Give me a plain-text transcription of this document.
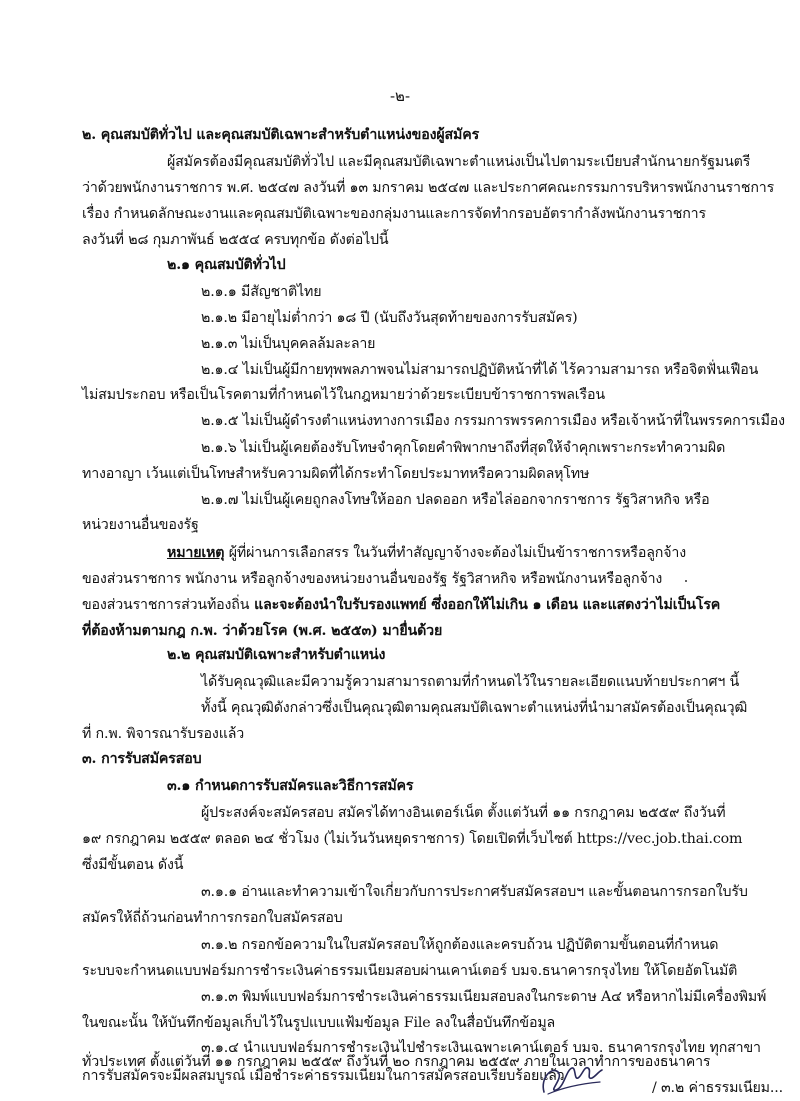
-๒-
๒. คุณสมบัติทั่วไป และคุณสมบัติเฉพาะสำหรับตำแหน่งของผู้สมัคร
ผู้สมัครต้องมีคุณสมบัติทั่วไป และมีคุณสมบัติเฉพาะตำแหน่งเป็นไปตามระเบียบสำนักนายกรัฐมนตรี
ว่าด้วยพนักงานราชการ พ.ศ. ๒๕๔๗ ลงวันที่ ๑๓ มกราคม ๒๕๔๗ และประกาศคณะกรรมการบริหารพนักงานราชการ
เรื่อง กำหนดลักษณะงานและคุณสมบัติเฉพาะของกลุ่มงานและการจัดทำกรอบอัตรากำลังพนักงานราชการ
ลงวันที่ ๒๘ กุมภาพันธ์ ๒๕๕๔ ครบทุกข้อ ดังต่อไปนี้
๒.๑ คุณสมบัติทั่วไป
๒.๑.๑ มีสัญชาติไทย
๒.๑.๒ มีอายุไม่ต่ำกว่า ๑๘ ปี (นับถึงวันสุดท้ายของการรับสมัคร)
๒.๑.๓ ไม่เป็นบุคคลล้มละลาย
๒.๑.๔ ไม่เป็นผู้มีกายทุพพลภาพจนไม่สามารถปฏิบัติหน้าที่ได้ ไร้ความสามารถ หรือจิตฟั่นเฟือน
ไม่สมประกอบ หรือเป็นโรคตามที่กำหนดไว้ในกฎหมายว่าด้วยระเบียบข้าราชการพลเรือน
๒.๑.๕ ไม่เป็นผู้ดำรงตำแหน่งทางการเมือง กรรมการพรรคการเมือง หรือเจ้าหน้าที่ในพรรคการเมือง
๒.๑.๖ ไม่เป็นผู้เคยต้องรับโทษจำคุกโดยคำพิพากษาถึงที่สุดให้จำคุกเพราะกระทำความผิด
ทางอาญา เว้นแต่เป็นโทษสำหรับความผิดที่ได้กระทำโดยประมาทหรือความผิดลหุโทษ
๒.๑.๗ ไม่เป็นผู้เคยถูกลงโทษให้ออก ปลดออก หรือไล่ออกจากราชการ รัฐวิสาหกิจ หรือ
หน่วยงานอื่นของรัฐ
หมายเหตุ ผู้ที่ผ่านการเลือกสรร ในวันที่ทำสัญญาจ้างจะต้องไม่เป็นข้าราชการหรือลูกจ้าง
ของส่วนราชการ พนักงาน หรือลูกจ้างของหน่วยงานอื่นของรัฐ รัฐวิสาหกิจ หรือพนักงานหรือลูกจ้าง
ของส่วนราชการส่วนท้องถิ่น และจะต้องนำใบรับรองแพทย์ ซึ่งออกให้ไม่เกิน ๑ เดือน และแสดงว่าไม่เป็นโรค
ที่ต้องห้ามตามกฎ ก.พ. ว่าด้วยโรค (พ.ศ. ๒๕๕๓) มายื่นด้วย
๒.๒ คุณสมบัติเฉพาะสำหรับตำแหน่ง
ได้รับคุณวุฒิและมีความรู้ความสามารถตามที่กำหนดไว้ในรายละเอียดแนบท้ายประกาศฯ นี้
ทั้งนี้ คุณวุฒิดังกล่าวซึ่งเป็นคุณวุฒิตามคุณสมบัติเฉพาะตำแหน่งที่นำมาสมัครต้องเป็นคุณวุฒิ
ที่ ก.พ. พิจารณารับรองแล้ว
๓. การรับสมัครสอบ
๓.๑ กำหนดการรับสมัครและวิธีการสมัคร
ผู้ประสงค์จะสมัครสอบ สมัครได้ทางอินเตอร์เน็ต ตั้งแต่วันที่ ๑๑ กรกฎาคม ๒๕๕๙ ถึงวันที่
๑๙ กรกฎาคม ๒๕๕๙ ตลอด ๒๔ ชั่วโมง (ไม่เว้นวันหยุดราชการ) โดยเปิดที่เว็บไซต์ https://vec.job.thai.com
ซึ่งมีขั้นตอน ดังนี้
๓.๑.๑ อ่านและทำความเข้าใจเกี่ยวกับการประกาศรับสมัครสอบฯ และขั้นตอนการกรอกใบรับ
สมัครให้ถี่ถ้วนก่อนทำการกรอกใบสมัครสอบ
๓.๑.๒ กรอกข้อความในใบสมัครสอบให้ถูกต้องและครบถ้วน ปฏิบัติตามขั้นตอนที่กำหนด
ระบบจะกำหนดแบบฟอร์มการชำระเงินค่าธรรมเนียมสอบผ่านเคาน์เตอร์ บมจ.ธนาคารกรุงไทย ให้โดยอัตโนมัติ
๓.๑.๓ พิมพ์แบบฟอร์มการชำระเงินค่าธรรมเนียมสอบลงในกระดาษ A๔ หรือหากไม่มีเครื่องพิมพ์
ในขณะนั้น ให้บันทึกข้อมูลเก็บไว้ในรูปแบบแฟ้มข้อมูล File ลงในสื่อบันทึกข้อมูล
๓.๑.๔ นำแบบฟอร์มการชำระเงินไปชำระเงินเฉพาะเคาน์เตอร์ บมจ. ธนาคารกรุงไทย ทุกสาขา
ทั่วประเทศ ตั้งแต่วันที่ ๑๑ กรกฎาคม ๒๕๕๙ ถึงวันที่ ๒๐ กรกฎาคม ๒๕๕๙ ภายในเวลาทำการของธนาคาร
การรับสมัครจะมีผลสมบูรณ์ เมื่อชำระค่าธรรมเนียมในการสมัครสอบเรียบร้อยแล้ว
/ ๓.๒ ค่าธรรมเนียม...
